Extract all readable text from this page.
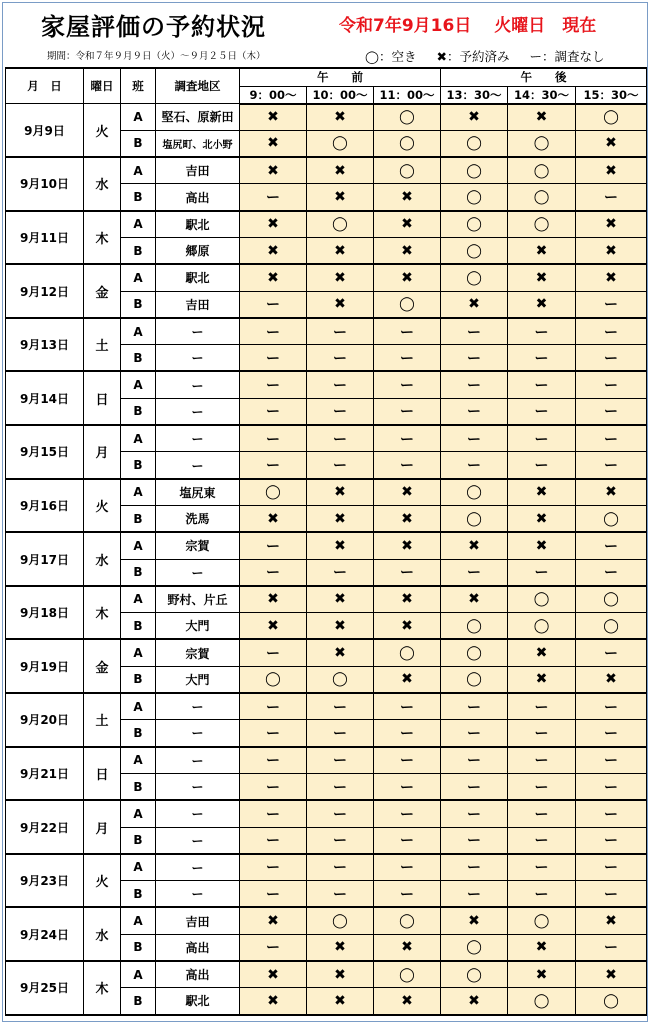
家屋評価の予約状況	令和7年9月16日　 火曜日　現在
期間：令和７年９月９日（火）～９月２５日（木）	◯：空き ✖：予約済み ー：調査なし
月　日	曜日	班	調査地区	午　　前			午　　後		
				9：00～	10：00～	11：00～	13：30～	14：30～	15：30～
9月9日	火	A	堅石、原新田	✖	✖	◯	✖	✖	◯
		B	塩尻町、北小野	✖	◯	◯	◯	◯	✖
9月10日	水	A	吉田	✖	✖	◯	◯	◯	✖
		B	高出	ー	✖	✖	◯	◯	ー
9月11日	木	A	駅北	✖	◯	✖	◯	◯	✖
		B	郷原	✖	✖	✖	◯	✖	✖
9月12日	金	A	駅北	✖	✖	✖	◯	✖	✖
		B	吉田	ー	✖	◯	✖	✖	ー
9月13日	土	A	ー	ー	ー	ー	ー	ー	ー
		B	ー	ー	ー	ー	ー	ー	ー
9月14日	日	A	ー	ー	ー	ー	ー	ー	ー
		B	ー	ー	ー	ー	ー	ー	ー
9月15日	月	A	ー	ー	ー	ー	ー	ー	ー
		B	ー	ー	ー	ー	ー	ー	ー
9月16日	火	A	塩尻東	◯	✖	✖	◯	✖	✖
		B	洗馬	✖	✖	✖	◯	✖	◯
9月17日	水	A	宗賀	ー	✖	✖	✖	✖	ー
		B	ー	ー	ー	ー	ー	ー	ー
9月18日	木	A	野村、片丘	✖	✖	✖	✖	◯	◯
		B	大門	✖	✖	✖	◯	◯	◯
9月19日	金	A	宗賀	ー	✖	◯	◯	✖	ー
		B	大門	◯	◯	✖	◯	✖	✖
9月20日	土	A	ー	ー	ー	ー	ー	ー	ー
		B	ー	ー	ー	ー	ー	ー	ー
9月21日	日	A	ー	ー	ー	ー	ー	ー	ー
		B	ー	ー	ー	ー	ー	ー	ー
9月22日	月	A	ー	ー	ー	ー	ー	ー	ー
		B	ー	ー	ー	ー	ー	ー	ー
9月23日	火	A	ー	ー	ー	ー	ー	ー	ー
		B	ー	ー	ー	ー	ー	ー	ー
9月24日	水	A	吉田	✖	◯	◯	✖	◯	✖
		B	高出	ー	✖	✖	◯	✖	ー
9月25日	木	A	高出	✖	✖	◯	◯	✖	✖
		B	駅北	✖	✖	✖	✖	◯	◯
